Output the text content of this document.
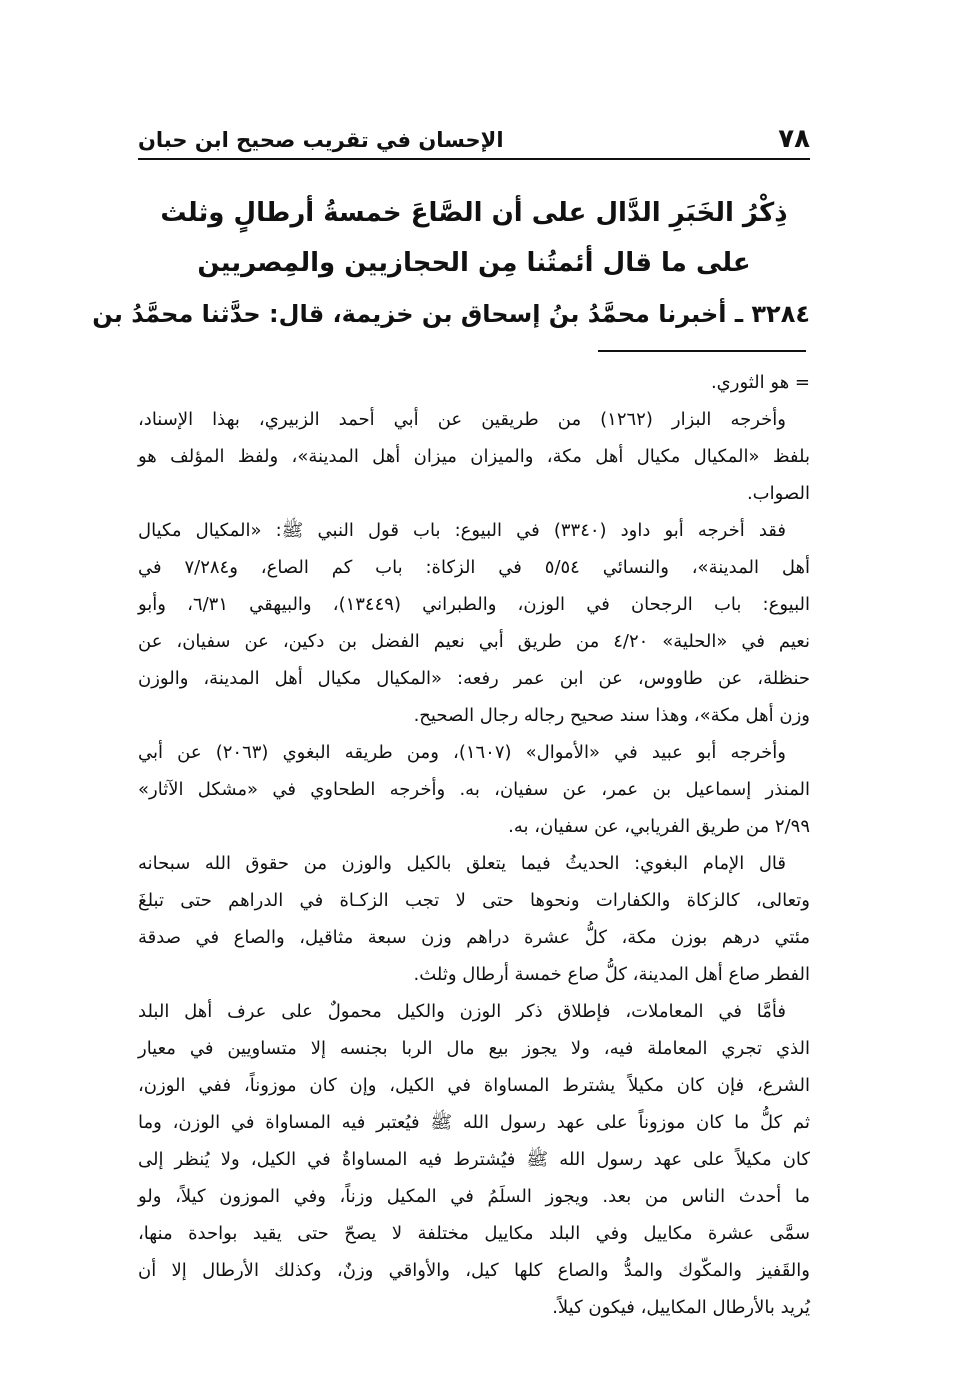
٧٨
الإحسان في تقريب صحيح ابن حبان
ذِكْرُ الخَبَرِ الدَّال على أن الصَّاعَ خمسةُ أرطالٍ وثلث
على ما قال أئمتُنا مِن الحجازيين والمِصريين
٣٢٨٤ ـ أخبرنا محمَّدُ بنُ إسحاق بن خزيمة، قال: حدَّثنا محمَّدُ بن
= هو الثوري.
وأخرجه البزار (١٢٦٢) من طريقين عن أبي أحمد الزبيري، بهذا الإسناد،
بلفظ «المكيال مكيال أهل مكة، والميزان ميزان أهل المدينة»، ولفظ المؤلف هو
الصواب.
فقد أخرجه أبو داود (٣٣٤٠) في البيوع: باب قول النبي ﷺ: «المكيال مكيال
أهل المدينة»، والنسائي ٥/٥٤ في الزكاة: باب كم الصاع، و٧/٢٨٤ في
البيوع: باب الرجحان في الوزن، والطبراني (١٣٤٤٩)، والبيهقي ٦/٣١، وأبو
نعيم في «الحلية» ٤/٢٠ من طريق أبي نعيم الفضل بن دكين، عن سفيان، عن
حنظلة، عن طاووس، عن ابن عمر رفعه: «المكيال مكيال أهل المدينة، والوزن
وزن أهل مكة»، وهذا سند صحيح رجاله رجال الصحيح.
وأخرجه أبو عبيد في «الأموال» (١٦٠٧)، ومن طريقه البغوي (٢٠٦٣) عن أبي
المنذر إسماعيل بن عمر، عن سفيان، به. وأخرجه الطحاوي في «مشكل الآثار»
٢/٩٩ من طريق الفريابي، عن سفيان، به.
قال الإمام البغوي: الحديثُ فيما يتعلق بالكيل والوزن من حقوق الله سبحانه
وتعالى، كالزكاة والكفارات ونحوها حتى لا تجب الزكـاة في الدراهم حتى تبلغَ
مئتي درهم بوزن مكة، كلُّ عشرة دراهم وزن سبعة مثاقيل، والصاع في صدقة
الفطر صاع أهل المدينة، كلُّ صاع خمسة أرطال وثلث.
فأمَّا في المعاملات، فإطلاق ذكر الوزن والكيل محمولٌ على عرف أهل البلد
الذي تجري المعاملة فيه، ولا يجوز بيع مال الربا بجنسه إلا متساويين في معيار
الشرع، فإن كان مكيلاً يشترط المساواة في الكيل، وإن كان موزوناً، ففي الوزن،
ثم كلُّ ما كان موزوناً على عهد رسول الله ﷺ فيُعتبر فيه المساواة في الوزن، وما
كان مكيلاً على عهد رسول الله ﷺ فيُشترط فيه المساواةُ في الكيل، ولا يُنظر إلى
ما أحدث الناس من بعد. ويجوز السلَمُ في المكيل وزناً، وفي الموزون كيلاً، ولو
سمَّى عشرة مكاييل وفي البلد مكاييل مختلفة لا يصحّ حتى يقيد بواحدة منها،
والقَفيز والمكّوك والمدُّ والصاع كلها كيل، والأواقي وزنٌ، وكذلك الأرطال إلا أن
يُريد بالأرطال المكاييل، فيكون كيلاً.
